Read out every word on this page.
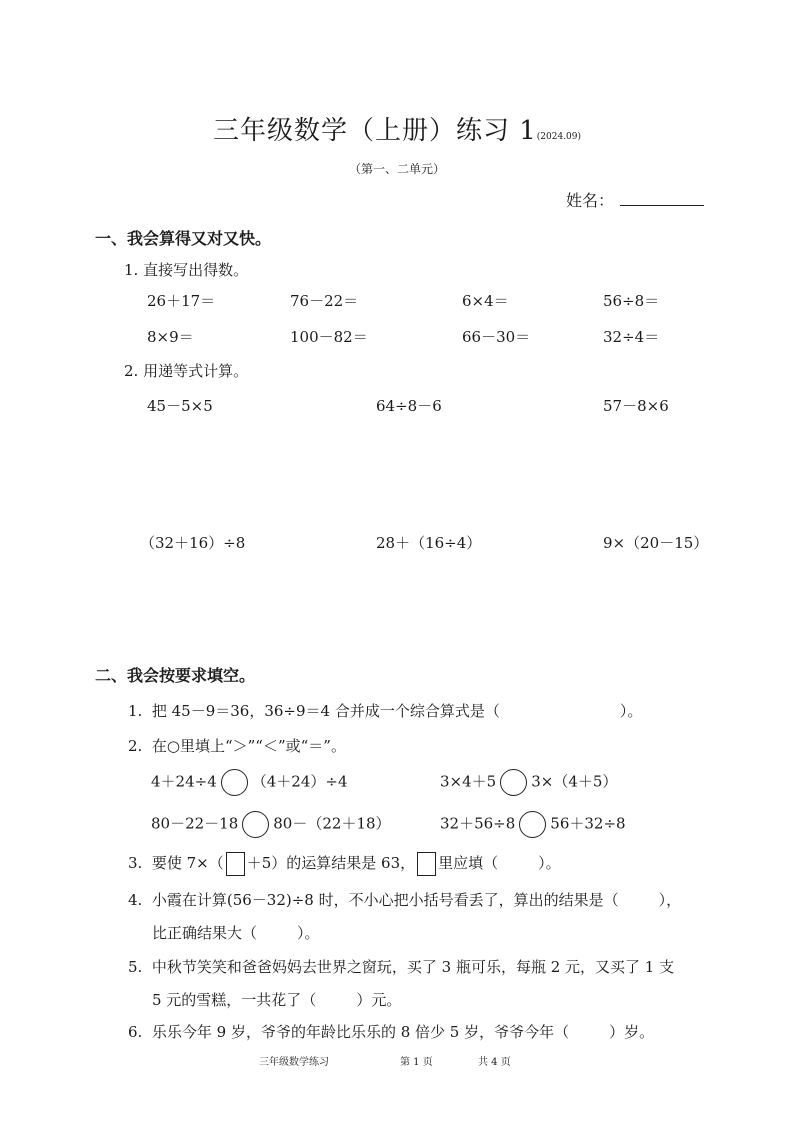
三年级数学（上册）练习 1(2024.09)
（第一、二单元）
姓名：
一、我会算得又对又快。
1. 直接写出得数。
26＋17＝	76－22＝	6×4＝	56÷8＝
8×9＝	100－82＝	66－30＝	32÷4＝
2. 用递等式计算。
45－5×5	64÷8－6	57－8×6
（32＋16）÷8	28＋（16÷4）	9×（20－15）
二、我会按要求填空。
1. 把 45－9＝36，36÷9＝4 合并成一个综合算式是（	）。
2. 在○里填上“＞”“＜”或“＝”。
4＋24÷4 （4＋24）÷4	3×4＋5 3×（4＋5）
80－22－18 80－（22＋18）	32＋56÷8 56＋32÷8
3. 要使 7×（ ＋5）的运算结果是 63， 里应填（	）。
4. 小霞在计算(56－32)÷8 时，不小心把小括号看丢了，算出的结果是（	），
比正确结果大（	）。
5. 中秋节笑笑和爸爸妈妈去世界之窗玩，买了 3 瓶可乐，每瓶 2 元，又买了 1 支
5 元的雪糕，一共花了（	）元。
6. 乐乐今年 9 岁，爷爷的年龄比乐乐的 8 倍少 5 岁，爷爷今年（	）岁。
三年级数学练习	第 1 页	共 4 页
